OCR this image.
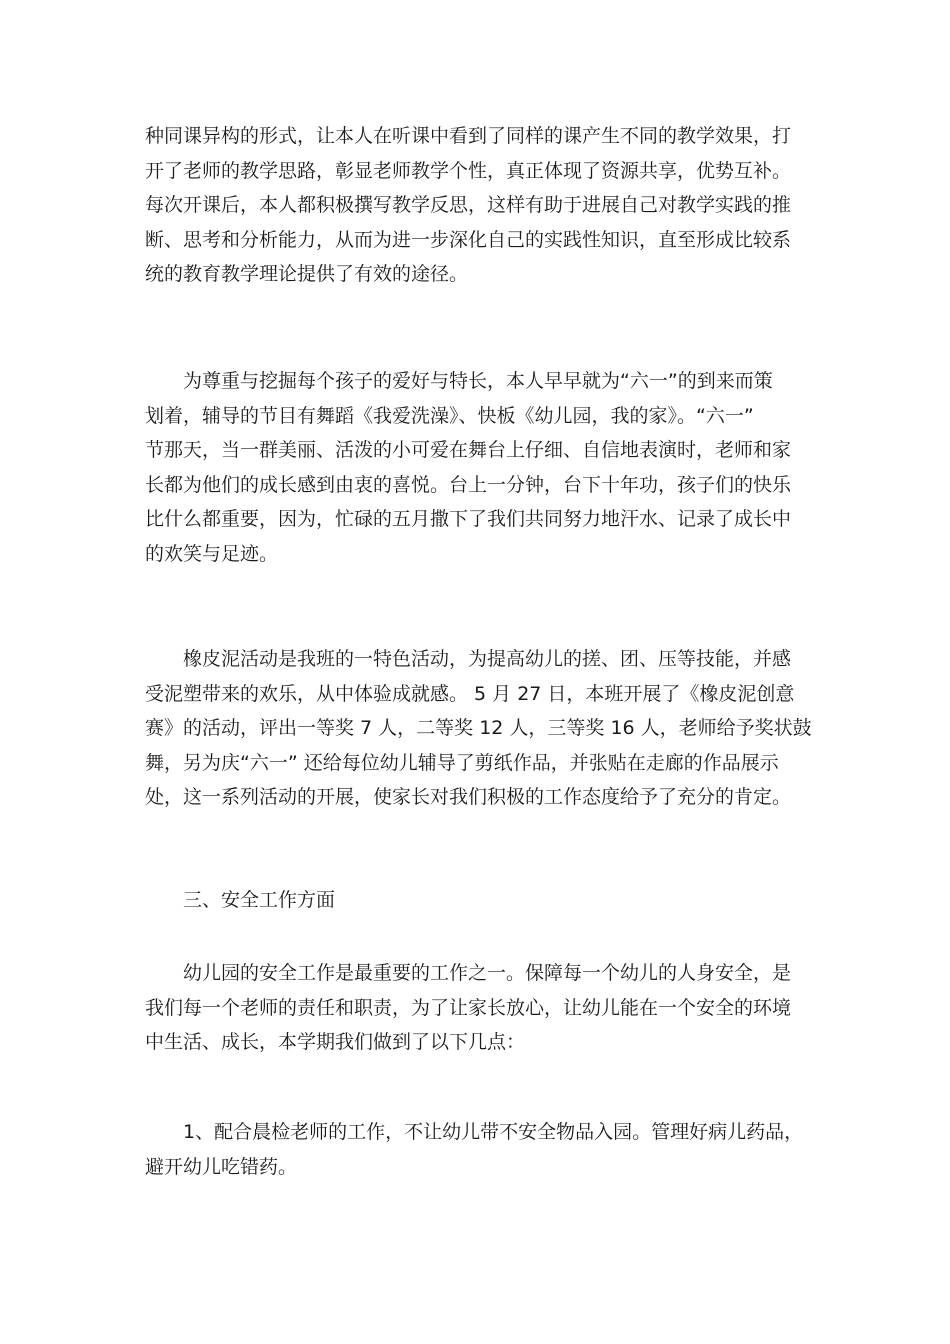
种同课异构的形式，让本人在听课中看到了同样的课产生不同的教学效果，打
开了老师的教学思路，彰显老师教学个性，真正体现了资源共享，优势互补。
每次开课后，本人都积极撰写教学反思，这样有助于进展自己对教学实践的推
断、思考和分析能力，从而为进一步深化自己的实践性知识，直至形成比较系
统的教育教学理论提供了有效的途径。
为尊重与挖掘每个孩子的爱好与特长，本人早早就为“六一”的到来而策
划着，辅导的节目有舞蹈《我爱洗澡》、快板《幼儿园，我的家》。“六一”
节那天，当一群美丽、活泼的小可爱在舞台上仔细、自信地表演时，老师和家
长都为他们的成长感到由衷的喜悦。台上一分钟，台下十年功，孩子们的快乐
比什么都重要，因为，忙碌的五月撒下了我们共同努力地汗水、记录了成长中
的欢笑与足迹。
橡皮泥活动是我班的一特色活动，为提高幼儿的搓、团、压等技能，并感
受泥塑带来的欢乐，从中体验成就感。 5 月 27 日，本班开展了《橡皮泥创意
赛》的活动，评出一等奖 7 人，二等奖 12 人，三等奖 16 人，老师给予奖状鼓
舞，另为庆“六一” 还给每位幼儿辅导了剪纸作品，并张贴在走廊的作品展示
处，这一系列活动的开展，使家长对我们积极的工作态度给予了充分的肯定。
三、安全工作方面
幼儿园的安全工作是最重要的工作之一。保障每一个幼儿的人身安全，是
我们每一个老师的责任和职责，为了让家长放心，让幼儿能在一个安全的环境
中生活、成长，本学期我们做到了以下几点：
1、配合晨检老师的工作，不让幼儿带不安全物品入园。管理好病儿药品，
避开幼儿吃错药。
